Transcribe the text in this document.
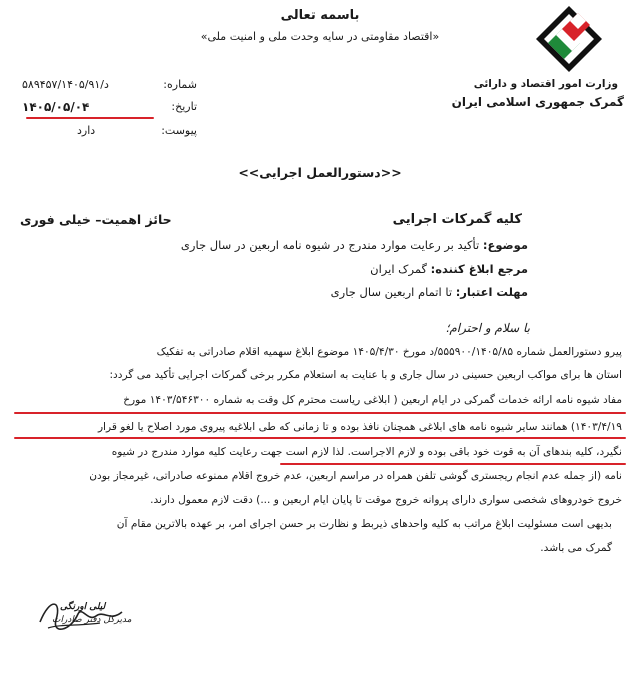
باسمه تعالی
«اقتصاد مقاومتی در سایه وحدت ملی و امنیت ملی»
وزارت امور اقتصاد و دارائی
گمرک جمهوری اسلامی ایران
شماره:
۵۸۹۴۵۷/۱۴۰۵/۹۱/د
تاریخ:
۱۴۰۵/۰۵/۰۴
پیوست:
دارد
<<دستورالعمل اجرایی>>
کلیه گمرکات اجرایی
حائز اهمیت– خیلی فوری
موضوع: تأکید بر رعایت موارد مندرج در شیوه نامه اربعین در سال جاری
مرجع ابلاغ کننده: گمرک ایران
مهلت اعتبار: تا اتمام اربعین سال جاری
با سلام و احترام؛
پیرو دستورالعمل شماره ۵۵۵۹۰۰/۱۴۰۵/۸۵/د مورخ ۱۴۰۵/۴/۳۰ موضوع ابلاغ سهمیه اقلام صادراتی به تفکیک
استان ها برای مواکب اربعین حسینی در سال جاری و با عنایت به استعلام مکرر برخی گمرکات اجرایی تأکید می گردد:
مفاد شیوه نامه ارائه خدمات گمرکی در ایام اربعین ( ابلاغی ریاست محترم کل وقت به شماره ۱۴۰۳/۵۴۶۳۰۰ مورخ
۱۴۰۳/۴/۱۹) همانند سایر شیوه نامه های ابلاغی همچنان نافذ بوده و تا زمانی که طی ابلاغیه پیروی مورد اصلاح یا لغو قرار
نگیرد، کلیه بندهای آن به قوت خود باقی بوده و لازم الاجراست. لذا لازم است جهت رعایت کلیه موارد مندرج در شیوه
نامه (از جمله عدم انجام ریجستری گوشی تلفن همراه در مراسم اربعین، عدم خروج اقلام ممنوعه صادراتی، غیرمجاز بودن
خروج خودروهای شخصی سواری دارای پروانه خروج موقت تا پایان ایام اربعین و ...) دقت لازم معمول دارند.
بدیهی است مسئولیت ابلاغ مراتب به کلیه واحدهای ذیربط و نظارت بر حسن اجرای امر، بر عهده بالاترین مقام آن
گمرک می باشد.
لیلی اورنگی
مدیرکل دفتر صادرات
